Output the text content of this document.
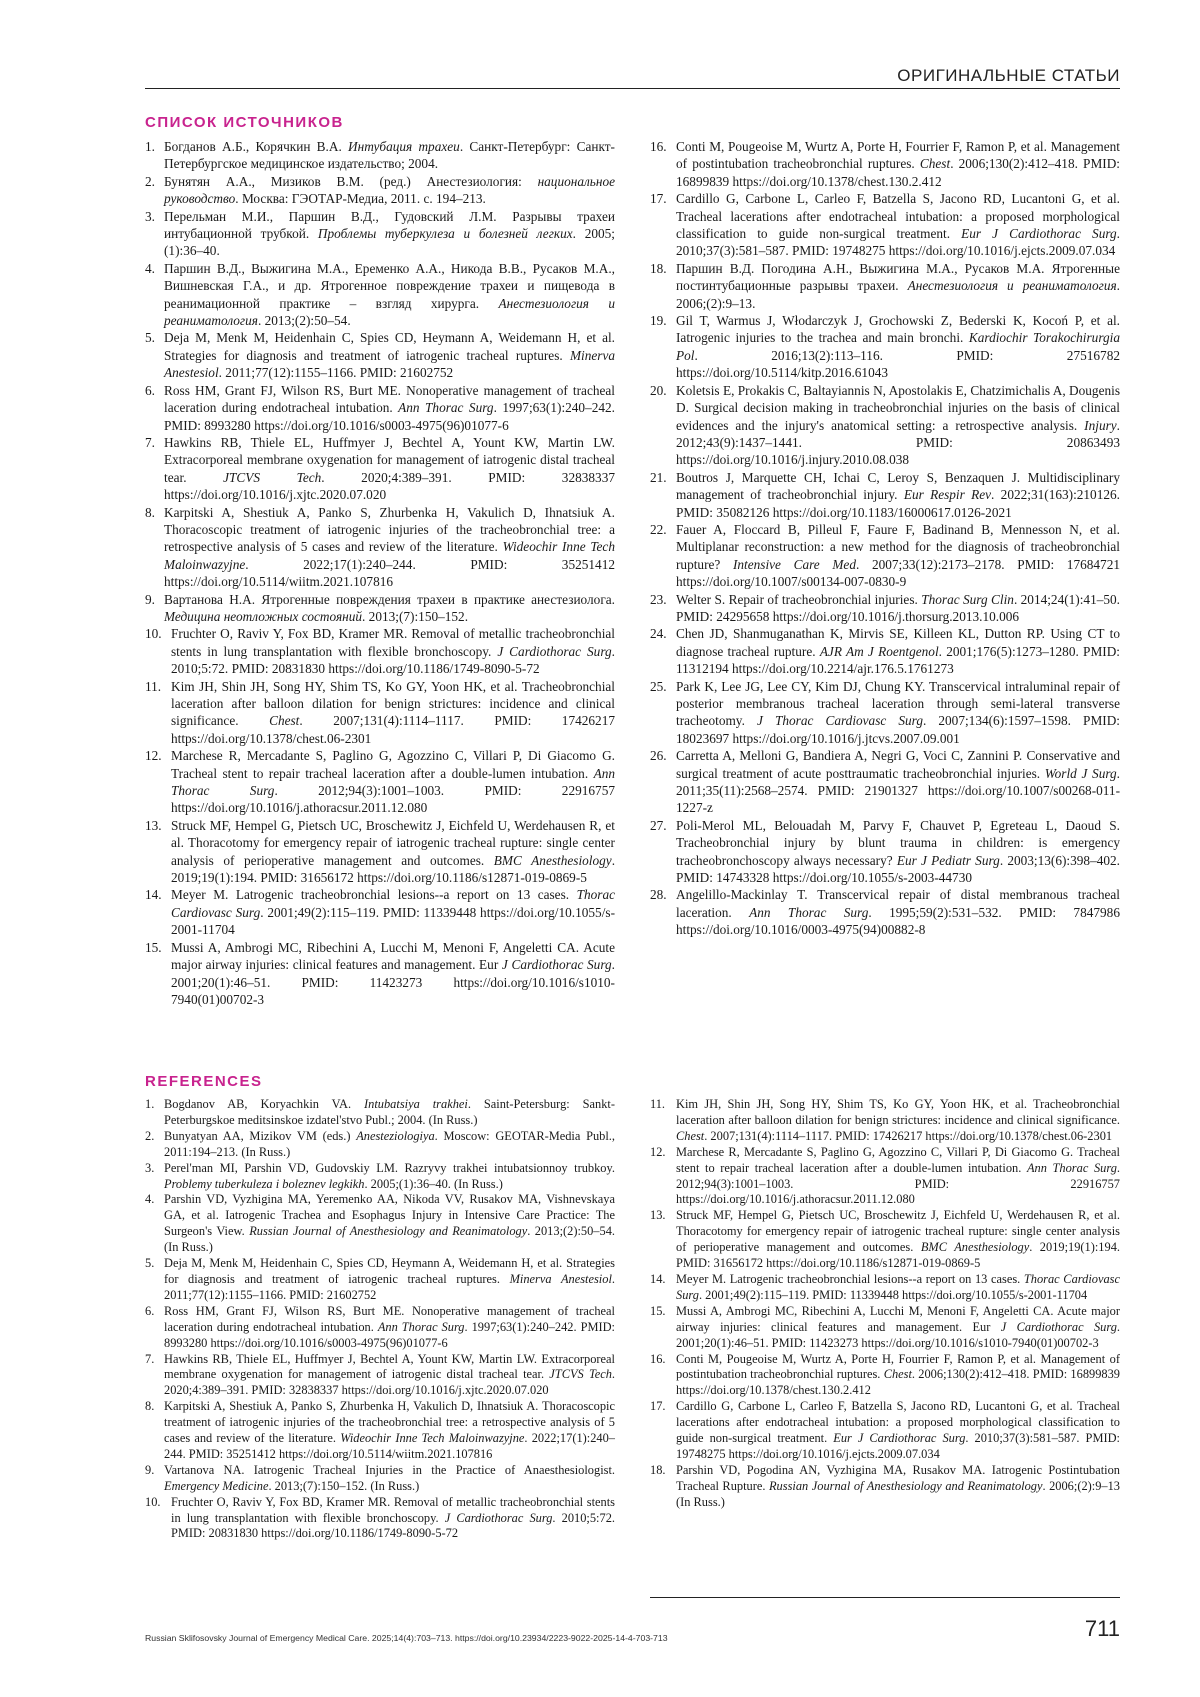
ОРИГИНАЛЬНЫЕ СТАТЬИ
СПИСОК ИСТОЧНИКОВ
1. Богданов А.Б., Корячкин В.А. Интубация трахеи. Санкт-Петербург: Санкт-Петербургское медицинское издательство; 2004.
2. Бунятян А.А., Мизиков В.М. (ред.) Анестезиология: национальное руководство. Москва: ГЭОТАР-Медиа, 2011. с. 194–213.
3. Перельман М.И., Паршин В.Д., Гудовский Л.М. Разрывы трахеи интубационной трубкой. Проблемы туберкулеза и болезней легких. 2005;(1):36–40.
4. Паршин В.Д., Выжигина М.А., Еременко А.А., Никода В.В., Русаков М.А., Вишневская Г.А., и др. Ятрогенное повреждение трахеи и пищевода в реанимационной практике – взгляд хирурга. Анестезиология и реаниматология. 2013;(2):50–54.
5. Deja M, Menk M, Heidenhain C, Spies CD, Heymann A, Weidemann H, et al. Strategies for diagnosis and treatment of iatrogenic tracheal ruptures. Minerva Anestesiol. 2011;77(12):1155–1166. PMID: 21602752
6. Ross HM, Grant FJ, Wilson RS, Burt ME. Nonoperative management of tracheal laceration during endotracheal intubation. Ann Thorac Surg. 1997;63(1):240–242. PMID: 8993280 https://doi.org/10.1016/s0003-4975(96)01077-6
7. Hawkins RB, Thiele EL, Huffmyer J, Bechtel A, Yount KW, Martin LW. Extracorporeal membrane oxygenation for management of iatrogenic distal tracheal tear. JTCVS Tech. 2020;4:389–391. PMID: 32838337 https://doi.org/10.1016/j.xjtc.2020.07.020
8. Karpitski A, Shestiuk A, Panko S, Zhurbenka H, Vakulich D, Ihnatsiuk A. Thoracoscopic treatment of iatrogenic injuries of the tracheobronchial tree: a retrospective analysis of 5 cases and review of the literature. Wideochir Inne Tech Maloinwazyjne. 2022;17(1):240–244. PMID: 35251412 https://doi.org/10.5114/wiitm.2021.107816
9. Вартанова Н.А. Ятрогенные повреждения трахеи в практике анестезиолога. Медицина неотложных состояний. 2013;(7):150–152.
10. Fruchter O, Raviv Y, Fox BD, Kramer MR. Removal of metallic tracheobronchial stents in lung transplantation with flexible bronchoscopy. J Cardiothorac Surg. 2010;5:72. PMID: 20831830 https://doi.org/10.1186/1749-8090-5-72
11. Kim JH, Shin JH, Song HY, Shim TS, Ko GY, Yoon HK, et al. Tracheobronchial laceration after balloon dilation for benign strictures: incidence and clinical significance. Chest. 2007;131(4):1114–1117. PMID: 17426217 https://doi.org/10.1378/chest.06-2301
12. Marchese R, Mercadante S, Paglino G, Agozzino C, Villari P, Di Giacomo G. Tracheal stent to repair tracheal laceration after a double-lumen intubation. Ann Thorac Surg. 2012;94(3):1001–1003. PMID: 22916757 https://doi.org/10.1016/j.athoracsur.2011.12.080
13. Struck MF, Hempel G, Pietsch UC, Broschewitz J, Eichfeld U, Werdehausen R, et al. Thoracotomy for emergency repair of iatrogenic tracheal rupture: single center analysis of perioperative management and outcomes. BMC Anesthesiology. 2019;19(1):194. PMID: 31656172 https://doi.org/10.1186/s12871-019-0869-5
14. Meyer M. Latrogenic tracheobronchial lesions--a report on 13 cases. Thorac Cardiovasc Surg. 2001;49(2):115–119. PMID: 11339448 https://doi.org/10.1055/s-2001-11704
15. Mussi A, Ambrogi MC, Ribechini A, Lucchi M, Menoni F, Angeletti CA. Acute major airway injuries: clinical features and management. Eur J Cardiothorac Surg. 2001;20(1):46–51. PMID: 11423273 https://doi.org/10.1016/s1010-7940(01)00702-3
16. Conti M, Pougeoise M, Wurtz A, Porte H, Fourrier F, Ramon P, et al. Management of postintubation tracheobronchial ruptures. Chest. 2006;130(2):412–418. PMID: 16899839 https://doi.org/10.1378/chest.130.2.412
17. Cardillo G, Carbone L, Carleo F, Batzella S, Jacono RD, Lucantoni G, et al. Tracheal lacerations after endotracheal intubation: a proposed morphological classification to guide non-surgical treatment. Eur J Cardiothorac Surg. 2010;37(3):581–587. PMID: 19748275 https://doi.org/10.1016/j.ejcts.2009.07.034
18. Паршин В.Д. Погодина А.Н., Выжигина М.А., Русаков М.А. Ятрогенные постинтубационные разрывы трахеи. Анестезиология и реаниматология. 2006;(2):9–13.
19. Gil T, Warmus J, Włodarczyk J, Grochowski Z, Bederski K, Kocoń P, et al. Iatrogenic injuries to the trachea and main bronchi. Kardiochir Torakochirurgia Pol. 2016;13(2):113–116. PMID: 27516782 https://doi.org/10.5114/kitp.2016.61043
20. Koletsis E, Prokakis C, Baltayiannis N, Apostolakis E, Chatzimichalis A, Dougenis D. Surgical decision making in tracheobronchial injuries on the basis of clinical evidences and the injury's anatomical setting: a retrospective analysis. Injury. 2012;43(9):1437–1441. PMID: 20863493 https://doi.org/10.1016/j.injury.2010.08.038
21. Boutros J, Marquette CH, Ichai C, Leroy S, Benzaquen J. Multidisciplinary management of tracheobronchial injury. Eur Respir Rev. 2022;31(163):210126. PMID: 35082126 https://doi.org/10.1183/16000617.0126-2021
22. Fauer A, Floccard B, Pilleul F, Faure F, Badinand B, Mennesson N, et al. Multiplanar reconstruction: a new method for the diagnosis of tracheobronchial rupture? Intensive Care Med. 2007;33(12):2173–2178. PMID: 17684721 https://doi.org/10.1007/s00134-007-0830-9
23. Welter S. Repair of tracheobronchial injuries. Thorac Surg Clin. 2014;24(1):41–50. PMID: 24295658 https://doi.org/10.1016/j.thorsurg.2013.10.006
24. Chen JD, Shanmuganathan K, Mirvis SE, Killeen KL, Dutton RP. Using CT to diagnose tracheal rupture. AJR Am J Roentgenol. 2001;176(5):1273–1280. PMID: 11312194 https://doi.org/10.2214/ajr.176.5.1761273
25. Park K, Lee JG, Lee CY, Kim DJ, Chung KY. Transcervical intraluminal repair of posterior membranous tracheal laceration through semi-lateral transverse tracheotomy. J Thorac Cardiovasc Surg. 2007;134(6):1597–1598. PMID: 18023697 https://doi.org/10.1016/j.jtcvs.2007.09.001
26. Carretta A, Melloni G, Bandiera A, Negri G, Voci C, Zannini P. Conservative and surgical treatment of acute posttraumatic tracheobronchial injuries. World J Surg. 2011;35(11):2568–2574. PMID: 21901327 https://doi.org/10.1007/s00268-011-1227-z
27. Poli-Merol ML, Belouadah M, Parvy F, Chauvet P, Egreteau L, Daoud S. Tracheobronchial injury by blunt trauma in children: is emergency tracheobronchoscopy always necessary? Eur J Pediatr Surg. 2003;13(6):398–402. PMID: 14743328 https://doi.org/10.1055/s-2003-44730
28. Angelillo-Mackinlay T. Transcervical repair of distal membranous tracheal laceration. Ann Thorac Surg. 1995;59(2):531–532. PMID: 7847986 https://doi.org/10.1016/0003-4975(94)00882-8
REFERENCES
1. Bogdanov AB, Koryachkin VA. Intubatsiya trakhei. Saint-Petersburg: Sankt-Peterburgskoe meditsinskoe izdatel'stvo Publ.; 2004. (In Russ.)
2. Bunyatyan AA, Mizikov VM (eds.) Anesteziologiya. Moscow: GEOTAR-Media Publ., 2011:194–213. (In Russ.)
3. Perel'man MI, Parshin VD, Gudovskiy LM. Razryvy trakhei intubatsionnoy trubkoy. Problemy tuberkuleza i boleznev legkikh. 2005;(1):36–40. (In Russ.)
4. Parshin VD, Vyzhigina MA, Yeremenko AA, Nikoda VV, Rusakov MA, Vishnevskaya GA, et al. Iatrogenic Trachea and Esophagus Injury in Intensive Care Practice: The Surgeon's View. Russian Journal of Anesthesiology and Reanimatology. 2013;(2):50–54. (In Russ.)
5. Deja M, Menk M, Heidenhain C, Spies CD, Heymann A, Weidemann H, et al. Strategies for diagnosis and treatment of iatrogenic tracheal ruptures. Minerva Anestesiol. 2011;77(12):1155–1166. PMID: 21602752
6. Ross HM, Grant FJ, Wilson RS, Burt ME. Nonoperative management of tracheal laceration during endotracheal intubation. Ann Thorac Surg. 1997;63(1):240–242. PMID: 8993280 https://doi.org/10.1016/s0003-4975(96)01077-6
7. Hawkins RB, Thiele EL, Huffmyer J, Bechtel A, Yount KW, Martin LW. Extracorporeal membrane oxygenation for management of iatrogenic distal tracheal tear. JTCVS Tech. 2020;4:389–391. PMID: 32838337 https://doi.org/10.1016/j.xjtc.2020.07.020
8. Karpitski A, Shestiuk A, Panko S, Zhurbenka H, Vakulich D, Ihnatsiuk A. Thoracoscopic treatment of iatrogenic injuries of the tracheobronchial tree: a retrospective analysis of 5 cases and review of the literature. Wideochir Inne Tech Maloinwazyjne. 2022;17(1):240–244. PMID: 35251412 https://doi.org/10.5114/wiitm.2021.107816
9. Vartanova NA. Iatrogenic Tracheal Injuries in the Practice of Anaesthesiologist. Emergency Medicine. 2013;(7):150–152. (In Russ.)
10. Fruchter O, Raviv Y, Fox BD, Kramer MR. Removal of metallic tracheobronchial stents in lung transplantation with flexible bronchoscopy. J Cardiothorac Surg. 2010;5:72. PMID: 20831830 https://doi.org/10.1186/1749-8090-5-72
11. Kim JH, Shin JH, Song HY, Shim TS, Ko GY, Yoon HK, et al. Tracheobronchial laceration after balloon dilation for benign strictures: incidence and clinical significance. Chest. 2007;131(4):1114–1117. PMID: 17426217 https://doi.org/10.1378/chest.06-2301
12. Marchese R, Mercadante S, Paglino G, Agozzino C, Villari P, Di Giacomo G. Tracheal stent to repair tracheal laceration after a double-lumen intubation. Ann Thorac Surg. 2012;94(3):1001–1003. PMID: 22916757 https://doi.org/10.1016/j.athoracsur.2011.12.080
13. Struck MF, Hempel G, Pietsch UC, Broschewitz J, Eichfeld U, Werdehausen R, et al. Thoracotomy for emergency repair of iatrogenic tracheal rupture: single center analysis of perioperative management and outcomes. BMC Anesthesiology. 2019;19(1):194. PMID: 31656172 https://doi.org/10.1186/s12871-019-0869-5
14. Meyer M. Latrogenic tracheobronchial lesions--a report on 13 cases. Thorac Cardiovasc Surg. 2001;49(2):115–119. PMID: 11339448 https://doi.org/10.1055/s-2001-11704
15. Mussi A, Ambrogi MC, Ribechini A, Lucchi M, Menoni F, Angeletti CA. Acute major airway injuries: clinical features and management. Eur J Cardiothorac Surg. 2001;20(1):46–51. PMID: 11423273 https://doi.org/10.1016/s1010-7940(01)00702-3
16. Conti M, Pougeoise M, Wurtz A, Porte H, Fourrier F, Ramon P, et al. Management of postintubation tracheobronchial ruptures. Chest. 2006;130(2):412–418. PMID: 16899839 https://doi.org/10.1378/chest.130.2.412
17. Cardillo G, Carbone L, Carleo F, Batzella S, Jacono RD, Lucantoni G, et al. Tracheal lacerations after endotracheal intubation: a proposed morphological classification to guide non-surgical treatment. Eur J Cardiothorac Surg. 2010;37(3):581–587. PMID: 19748275 https://doi.org/10.1016/j.ejcts.2009.07.034
18. Parshin VD, Pogodina AN, Vyzhigina MA, Rusakov MA. Iatrogenic Postintubation Tracheal Rupture. Russian Journal of Anesthesiology and Reanimatology. 2006;(2):9–13 (In Russ.)
Russian Sklifosovsky Journal of Emergency Medical Care. 2025;14(4):703–713. https://doi.org/10.23934/2223-9022-2025-14-4-703-713	711
